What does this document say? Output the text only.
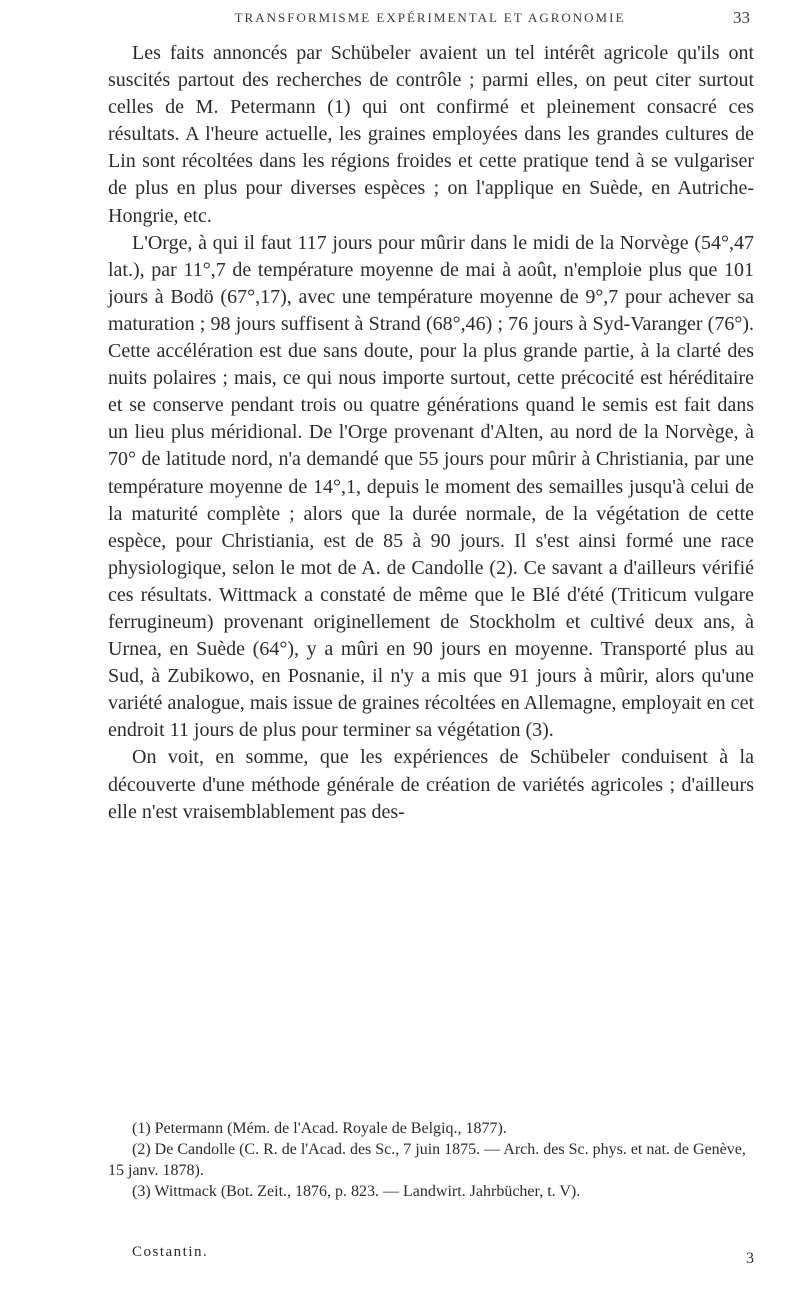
TRANSFORMISME EXPÉRIMENTAL ET AGRONOMIE	33

Les faits annoncés par Schübeler avaient un tel intérêt agricole qu'ils ont suscités partout des recherches de contrôle ; parmi elles, on peut citer surtout celles de M. Petermann (1) qui ont confirmé et pleinement consacré ces résultats. A l'heure actuelle, les graines employées dans les grandes cultures de Lin sont récoltées dans les régions froides et cette pratique tend à se vulgariser de plus en plus pour diverses espèces ; on l'applique en Suède, en Autriche-Hongrie, etc.

L'Orge, à qui il faut 117 jours pour mûrir dans le midi de la Norvège (54°,47 lat.), par 11°,7 de température moyenne de mai à août, n'emploie plus que 101 jours à Bodö (67°,17), avec une température moyenne de 9°,7 pour achever sa maturation ; 98 jours suffisent à Strand (68°,46) ; 76 jours à Syd-Varanger (76°). Cette accélération est due sans doute, pour la plus grande partie, à la clarté des nuits polaires ; mais, ce qui nous importe surtout, cette précocité est héréditaire et se conserve pendant trois ou quatre générations quand le semis est fait dans un lieu plus méridional. De l'Orge provenant d'Alten, au nord de la Norvège, à 70° de latitude nord, n'a demandé que 55 jours pour mûrir à Christiania, par une température moyenne de 14°,1, depuis le moment des semailles jusqu'à celui de la maturité complète ; alors que la durée normale, de la végétation de cette espèce, pour Christiania, est de 85 à 90 jours. Il s'est ainsi formé une race physiologique, selon le mot de A. de Candolle (2). Ce savant a d'ailleurs vérifié ces résultats. Wittmack a constaté de même que le Blé d'été (Triticum vulgare ferrugineum) provenant originellement de Stockholm et cultivé deux ans, à Urnea, en Suède (64°), y a mûri en 90 jours en moyenne. Transporté plus au Sud, à Zubikowo, en Posnanie, il n'y a mis que 91 jours à mûrir, alors qu'une variété analogue, mais issue de graines récoltées en Allemagne, employait en cet endroit 11 jours de plus pour terminer sa végétation (3).

On voit, en somme, que les expériences de Schübeler conduisent à la découverte d'une méthode générale de création de variétés agricoles ; d'ailleurs elle n'est vraisemblablement pas des-

(1) Petermann (Mém. de l'Acad. Royale de Belgiq., 1877).

(2) De Candolle (C. R. de l'Acad. des Sc., 7 juin 1875. — Arch. des Sc. phys. et nat. de Genève, 15 janv. 1878).

(3) Wittmack (Bot. Zeit., 1876, p. 823. — Landwirt. Jahrbücher, t. V).

Costantin.	3
